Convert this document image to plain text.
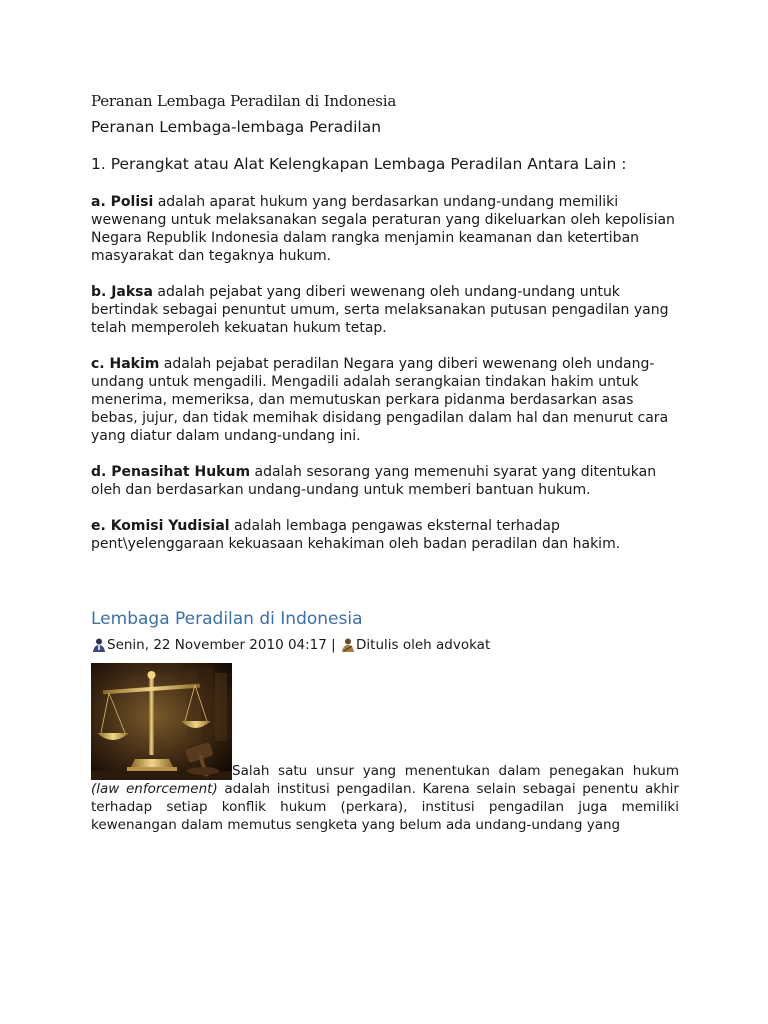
Peranan Lembaga Peradilan di Indonesia
Peranan Lembaga-lembaga Peradilan

1. Perangkat atau Alat Kelengkapan Lembaga Peradilan Antara Lain :

a. Polisi adalah aparat hukum yang berdasarkan undang-undang memiliki wewenang untuk melaksanakan segala peraturan yang dikeluarkan oleh kepolisian Negara Republik Indonesia dalam rangka menjamin keamanan dan ketertiban masyarakat dan tegaknya hukum.

b. Jaksa adalah pejabat yang diberi wewenang oleh undang-undang untuk bertindak sebagai penuntut umum, serta melaksanakan putusan pengadilan yang telah memperoleh kekuatan hukum tetap.

c. Hakim adalah pejabat peradilan Negara yang diberi wewenang oleh undang-undang untuk mengadili. Mengadili adalah serangkaian tindakan hakim untuk menerima, memeriksa, dan memutuskan perkara pidanma berdasarkan asas bebas, jujur, dan tidak memihak disidang pengadilan dalam hal dan menurut cara yang diatur dalam undang-undang ini.

d. Penasihat Hukum adalah sesorang yang memenuhi syarat yang ditentukan oleh dan berdasarkan undang-undang untuk memberi bantuan hukum.

e. Komisi Yudisial adalah lembaga pengawas eksternal terhadap pent\yelenggaraan kekuasaan kehakiman oleh badan peradilan dan hakim.

Lembaga Peradilan di Indonesia
Senin, 22 November 2010 04:17 | Ditulis oleh advokat
Salah satu unsur yang menentukan dalam penegakan hukum (law enforcement) adalah institusi pengadilan. Karena selain sebagai penentu akhir terhadap setiap konflik hukum (perkara), institusi pengadilan juga memiliki kewenangan dalam memutus sengketa yang belum ada undang-undang yang
